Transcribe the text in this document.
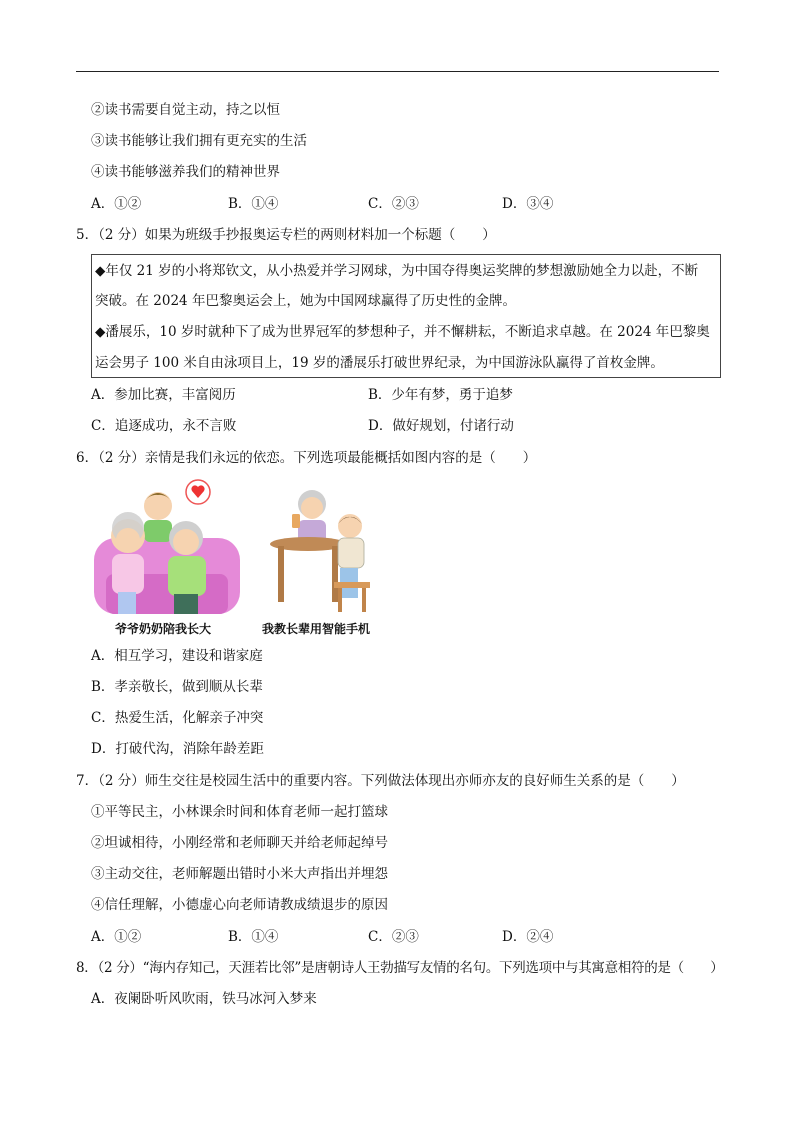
②读书需要自觉主动，持之以恒
③读书能够让我们拥有更充实的生活
④读书能够滋养我们的精神世界
A．①②	B．①④	C．②③	D．③④
5．（2 分）如果为班级手抄报奥运专栏的两则材料加一个标题（　　）
◆年仅 21 岁的小将郑钦文，从小热爱并学习网球，为中国夺得奥运奖牌的梦想激励她全力以赴，不断
突破。在 2024 年巴黎奥运会上，她为中国网球赢得了历史性的金牌。
◆潘展乐，10 岁时就种下了成为世界冠军的梦想种子，并不懈耕耘，不断追求卓越。在 2024 年巴黎奥
运会男子 100 米自由泳项目上，19 岁的潘展乐打破世界纪录，为中国游泳队赢得了首枚金牌。
A．参加比赛，丰富阅历	B．少年有梦，勇于追梦
C．追逐成功，永不言败	D．做好规划，付诸行动
6．（2 分）亲情是我们永远的依恋。下列选项最能概括如图内容的是（　　）
爷爷奶奶陪我长大	我教长辈用智能手机
A．相互学习，建设和谐家庭
B．孝亲敬长，做到顺从长辈
C．热爱生活，化解亲子冲突
D．打破代沟，消除年龄差距
7．（2 分）师生交往是校园生活中的重要内容。下列做法体现出亦师亦友的良好师生关系的是（　　）
①平等民主，小林课余时间和体育老师一起打篮球
②坦诚相待，小刚经常和老师聊天并给老师起绰号
③主动交往，老师解题出错时小米大声指出并埋怨
④信任理解，小德虚心向老师请教成绩退步的原因
A．①②	B．①④	C．②③	D．②④
8．（2 分）“海内存知己，天涯若比邻”是唐朝诗人王勃描写友情的名句。下列选项中与其寓意相符的是（　　）
A．夜阑卧听风吹雨，铁马冰河入梦来
